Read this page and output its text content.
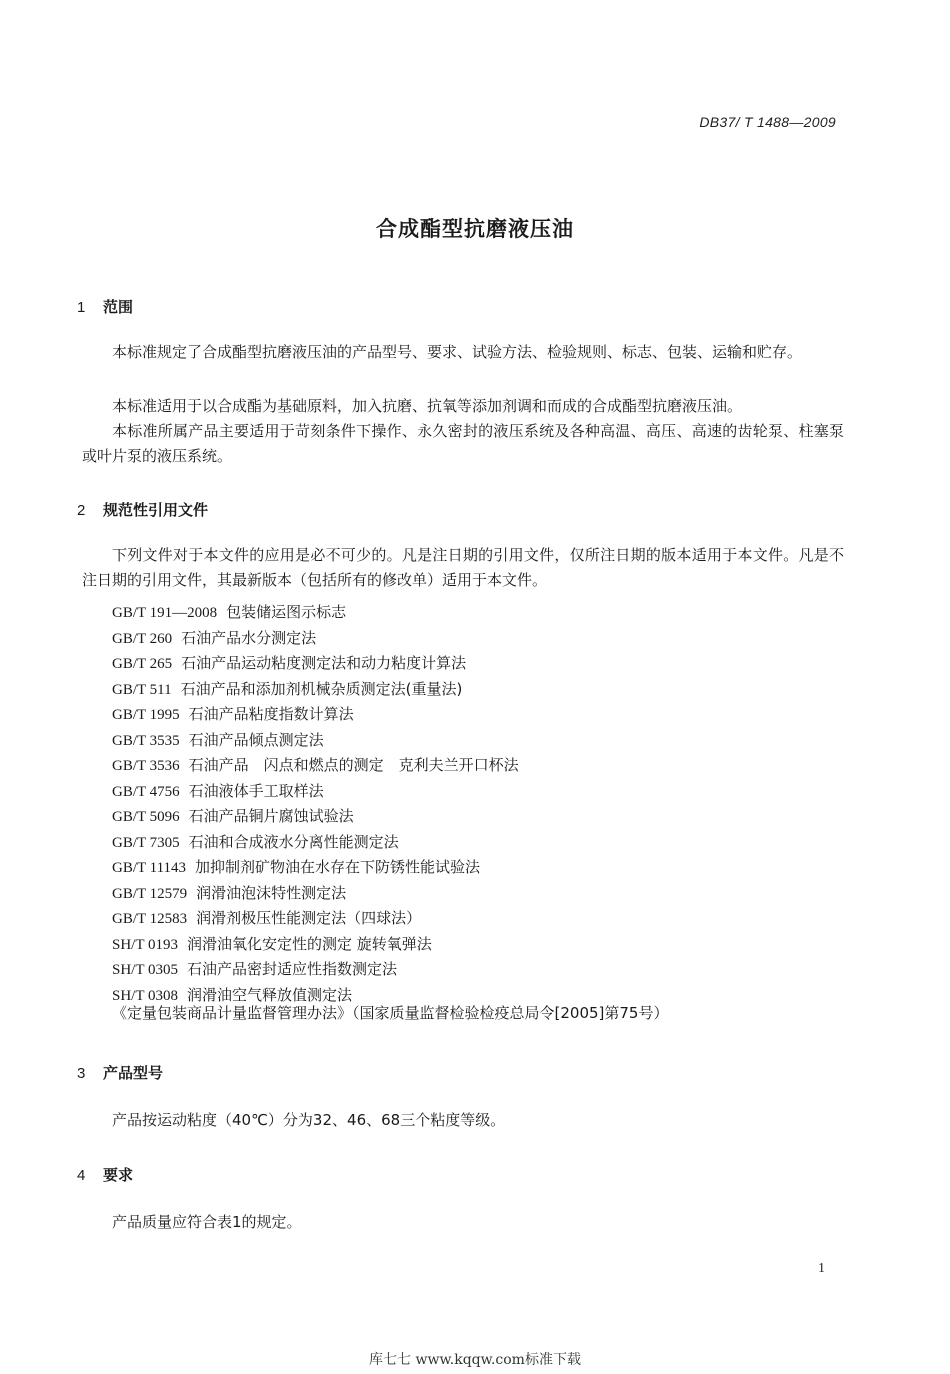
DB37/ T 1488—2009
合成酯型抗磨液压油
1 范围

本标准规定了合成酯型抗磨液压油的产品型号、要求、试验方法、检验规则、标志、包装、运输和贮存。

本标准适用于以合成酯为基础原料，加入抗磨、抗氧等添加剂调和而成的合成酯型抗磨液压油。

本标准所属产品主要适用于苛刻条件下操作、永久密封的液压系统及各种高温、高压、高速的齿轮泵、柱塞泵或叶片泵的液压系统。

2 规范性引用文件

下列文件对于本文件的应用是必不可少的。凡是注日期的引用文件，仅所注日期的版本适用于本文件。凡是不注日期的引用文件，其最新版本（包括所有的修改单）适用于本文件。

GB/T 191—2008 包装储运图示标志
GB/T 260 石油产品水分测定法
GB/T 265 石油产品运动粘度测定法和动力粘度计算法
GB/T 511 石油产品和添加剂机械杂质测定法(重量法)
GB/T 1995 石油产品粘度指数计算法
GB/T 3535 石油产品倾点测定法
GB/T 3536 石油产品　闪点和燃点的测定　克利夫兰开口杯法
GB/T 4756 石油液体手工取样法
GB/T 5096 石油产品铜片腐蚀试验法
GB/T 7305 石油和合成液水分离性能测定法
GB/T 11143 加抑制剂矿物油在水存在下防锈性能试验法
GB/T 12579 润滑油泡沫特性测定法
GB/T 12583 润滑剂极压性能测定法（四球法）
SH/T 0193 润滑油氧化安定性的测定 旋转氧弹法
SH/T 0305 石油产品密封适应性指数测定法
SH/T 0308 润滑油空气释放值测定法
《定量包装商品计量监督管理办法》（国家质量监督检验检疫总局令[2005]第75号）
3 产品型号

产品按运动粘度（40℃）分为32、46、68三个粘度等级。

4 要求

产品质量应符合表1的规定。

1
库七七 www.kqqw.com标准下载
